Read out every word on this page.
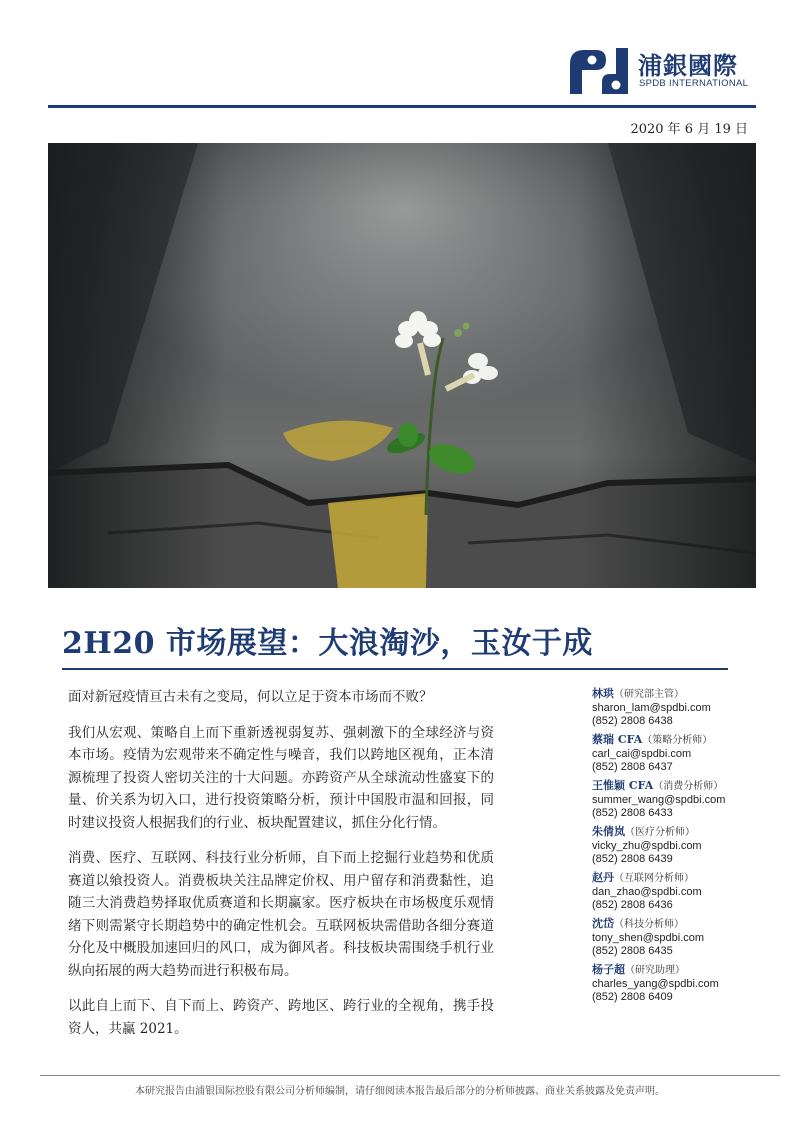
浦銀國際
SPDB INTERNATIONAL
2020 年 6 月 19 日
2H20 市场展望：大浪淘沙，玉汝于成

面对新冠疫情亘古未有之变局，何以立足于资本市场而不败？

我们从宏观、策略自上而下重新透视弱复苏、强刺激下的全球经济与资本市场。疫情为宏观带来不确定性与噪音，我们以跨地区视角，正本清源梳理了投资人密切关注的十大问题。亦跨资产从全球流动性盛宴下的量、价关系为切入口，进行投资策略分析，预计中国股市温和回报，同时建议投资人根据我们的行业、板块配置建议，抓住分化行情。

消费、医疗、互联网、科技行业分析师，自下而上挖掘行业趋势和优质赛道以飨投资人。消费板块关注品牌定价权、用户留存和消费黏性，追随三大消费趋势择取优质赛道和长期赢家。医疗板块在市场极度乐观情绪下则需紧守长期趋势中的确定性机会。互联网板块需借助各细分赛道分化及中概股加速回归的风口，成为御风者。科技板块需围绕手机行业纵向拓展的两大趋势而进行积极布局。

以此自上而下、自下而上、跨资产、跨地区、跨行业的全视角，携手投资人，共赢 2021。

林珙（研究部主管）
sharon_lam@spdbi.com
(852) 2808 6438
蔡瑞 CFA（策略分析师）
carl_cai@spdbi.com
(852) 2808 6437
王惟颖 CFA（消费分析师）
summer_wang@spdbi.com
(852) 2808 6433
朱倩岚（医疗分析师）
vicky_zhu@spdbi.com
(852) 2808 6439
赵丹（互联网分析师）
dan_zhao@spdbi.com
(852) 2808 6436
沈岱（科技分析师）
tony_shen@spdbi.com
(852) 2808 6435
杨子超（研究助理）
charles_yang@spdbi.com
(852) 2808 6409
本研究报告由浦银国际控股有限公司分析师编制，请仔细阅读本报告最后部分的分析师披露、商业关系披露及免责声明。
